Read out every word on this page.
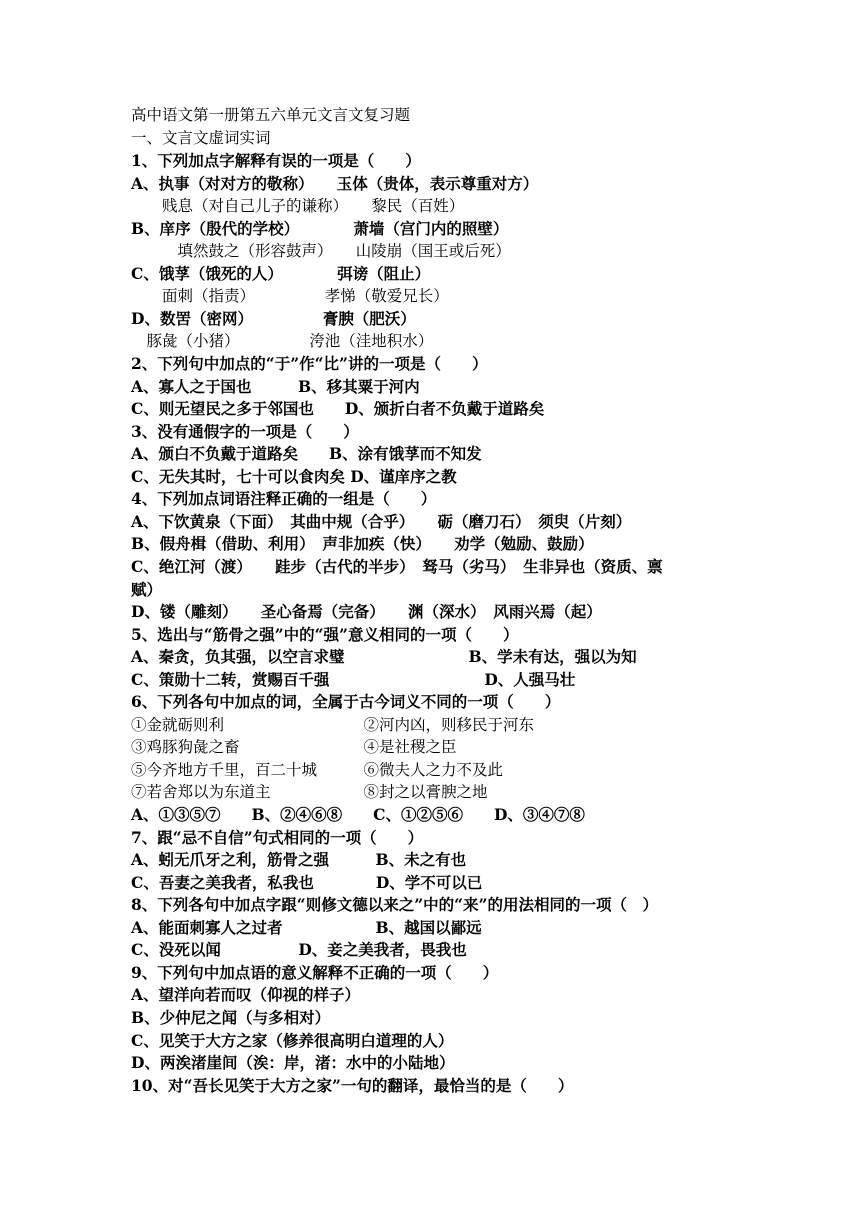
高中语文第一册第五六单元文言文复习题
一、文言文虚词实词
1、下列加点字解释有误的一项是（　　）
A、执事（对对方的敬称）　　玉体（贵体，表示尊重对方）
　　贱息（对自己儿子的谦称）　　黎民（百姓）
B、庠序（殷代的学校）　　　　萧墙（宫门内的照壁）
　　　填然鼓之（形容鼓声）　　山陵崩（国王或后死）
C、饿莩（饿死的人）　　　　弭谤（阻止）
　　面刺（指责）　　　　　孝悌（敬爱兄长）
D、数罟（密网）　　　　　膏腴（肥沃）
　豚彘（小猪）　　　　　洿池（洼地积水）
2、下列句中加点的“于”作“比”讲的一项是（　　）
A、寡人之于国也　　　B、移其粟于河内
C、则无望民之多于邻国也　　D、颁折白者不负戴于道路矣
3、没有通假字的一项是（　　）
A、颁白不负戴于道路矣　　B、涂有饿莩而不知发
C、无失其时，七十可以食肉矣 D、谨庠序之教
4、下列加点词语注释正确的一组是（　　）
A、下饮黄泉（下面）　其曲中规（合乎）　　砺（磨刀石）　须臾（片刻）
B、假舟楫（借助、利用）　声非加疾（快）　　劝学（勉励、鼓励）
C、绝江河（渡）　　跬步（古代的半步）　驽马（劣马）　生非异也（资质、禀
赋）
D、镂（雕刻）　　圣心备焉（完备）　　渊（深水）　风雨兴焉（起）
5、选出与“筋骨之强”中的“强”意义相同的一项（　　）
A、秦贪，负其强，以空言求璧　　　　　　　　B、学未有达，强以为知
C、策勋十二转，赏赐百千强　　　　　　　　　　D、人强马壮
6、下列各句中加点的词，全属于古今词义不同的一项（　　）
①金就砺则利　　　　　　　　　②河内凶，则移民于河东
③鸡豚狗彘之畜　　　　　　　　④是社稷之臣
⑤今齐地方千里，百二十城　　　⑥微夫人之力不及此
⑦若舍郑以为东道主　　　　　　⑧封之以膏腴之地
A、①③⑤⑦　　B、②④⑥⑧　　C、①②⑤⑥　　D、③④⑦⑧
7、跟“忌不自信”句式相同的一项（　　）
A、蚓无爪牙之利，筋骨之强　　　B、未之有也
C、吾妻之美我者，私我也　　　　D、学不可以已
8、下列各句中加点字跟“则修文德以来之”中的“来”的用法相同的一项（　）
A、能面刺寡人之过者　　　　　　B、越国以鄙远
C、没死以闻　　　　　D、妾之美我者，畏我也
9、下列句中加点语的意义解释不正确的一项（　　）
A、望洋向若而叹（仰视的样子）
B、少仲尼之闻（与多相对）
C、见笑于大方之家（修养很高明白道理的人）
D、两涘渚崖间（涘：岸，渚：水中的小陆地）
10、对“吾长见笑于大方之家”一句的翻译，最恰当的是（　　）
